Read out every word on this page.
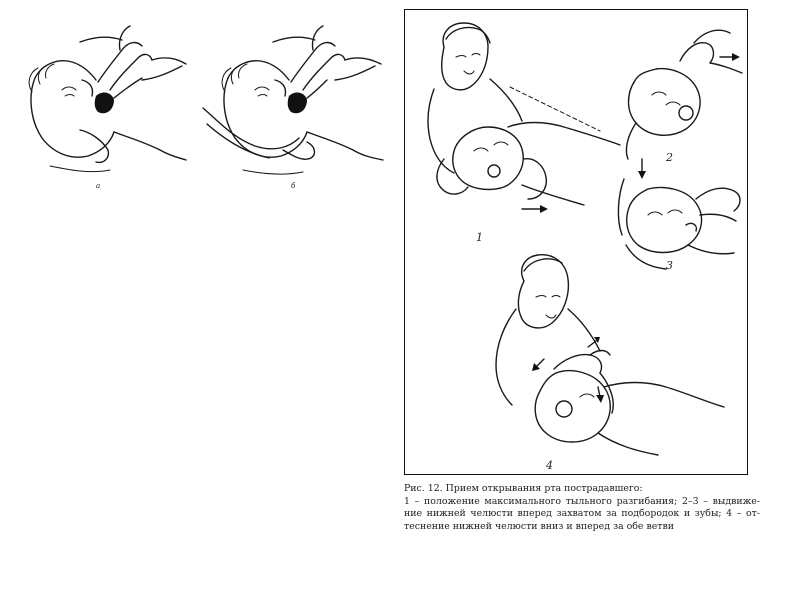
а	б
1
2
3
4

Рис. 12. Прием открывания рта пострадавшего:

1 – положение максимального тыльного разгибания; 2–3 – выдвижение нижней челюсти вперед захватом за подбородок и зубы; 4 – оттеснение нижней челюсти вниз и вперед за обе ветви
